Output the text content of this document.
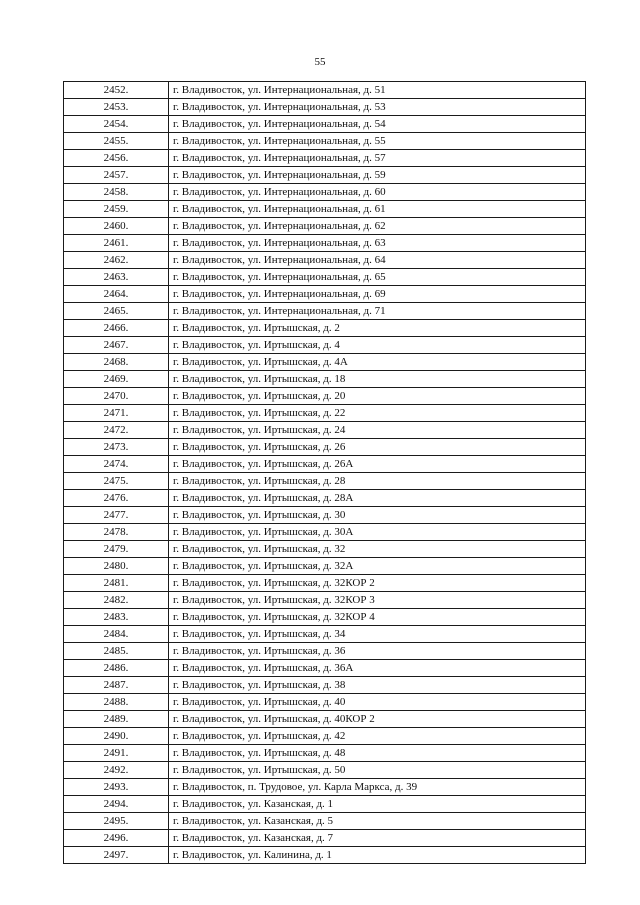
55
2452.	г. Владивосток, ул. Интернациональная, д. 51
2453.	г. Владивосток, ул. Интернациональная, д. 53
2454.	г. Владивосток, ул. Интернациональная, д. 54
2455.	г. Владивосток, ул. Интернациональная, д. 55
2456.	г. Владивосток, ул. Интернациональная, д. 57
2457.	г. Владивосток, ул. Интернациональная, д. 59
2458.	г. Владивосток, ул. Интернациональная, д. 60
2459.	г. Владивосток, ул. Интернациональная, д. 61
2460.	г. Владивосток, ул. Интернациональная, д. 62
2461.	г. Владивосток, ул. Интернациональная, д. 63
2462.	г. Владивосток, ул. Интернациональная, д. 64
2463.	г. Владивосток, ул. Интернациональная, д. 65
2464.	г. Владивосток, ул. Интернациональная, д. 69
2465.	г. Владивосток, ул. Интернациональная, д. 71
2466.	г. Владивосток, ул. Иртышская, д. 2
2467.	г. Владивосток, ул. Иртышская, д. 4
2468.	г. Владивосток, ул. Иртышская, д. 4А
2469.	г. Владивосток, ул. Иртышская, д. 18
2470.	г. Владивосток, ул. Иртышская, д. 20
2471.	г. Владивосток, ул. Иртышская, д. 22
2472.	г. Владивосток, ул. Иртышская, д. 24
2473.	г. Владивосток, ул. Иртышская, д. 26
2474.	г. Владивосток, ул. Иртышская, д. 26А
2475.	г. Владивосток, ул. Иртышская, д. 28
2476.	г. Владивосток, ул. Иртышская, д. 28А
2477.	г. Владивосток, ул. Иртышская, д. 30
2478.	г. Владивосток, ул. Иртышская, д. 30А
2479.	г. Владивосток, ул. Иртышская, д. 32
2480.	г. Владивосток, ул. Иртышская, д. 32А
2481.	г. Владивосток, ул. Иртышская, д. 32КОР 2
2482.	г. Владивосток, ул. Иртышская, д. 32КОР 3
2483.	г. Владивосток, ул. Иртышская, д. 32КОР 4
2484.	г. Владивосток, ул. Иртышская, д. 34
2485.	г. Владивосток, ул. Иртышская, д. 36
2486.	г. Владивосток, ул. Иртышская, д. 36А
2487.	г. Владивосток, ул. Иртышская, д. 38
2488.	г. Владивосток, ул. Иртышская, д. 40
2489.	г. Владивосток, ул. Иртышская, д. 40КОР 2
2490.	г. Владивосток, ул. Иртышская, д. 42
2491.	г. Владивосток, ул. Иртышская, д. 48
2492.	г. Владивосток, ул. Иртышская, д. 50
2493.	г. Владивосток, п. Трудовое, ул. Карла Маркса, д. 39
2494.	г. Владивосток, ул. Казанская, д. 1
2495.	г. Владивосток, ул. Казанская, д. 5
2496.	г. Владивосток, ул. Казанская, д. 7
2497.	г. Владивосток, ул. Калинина, д. 1
